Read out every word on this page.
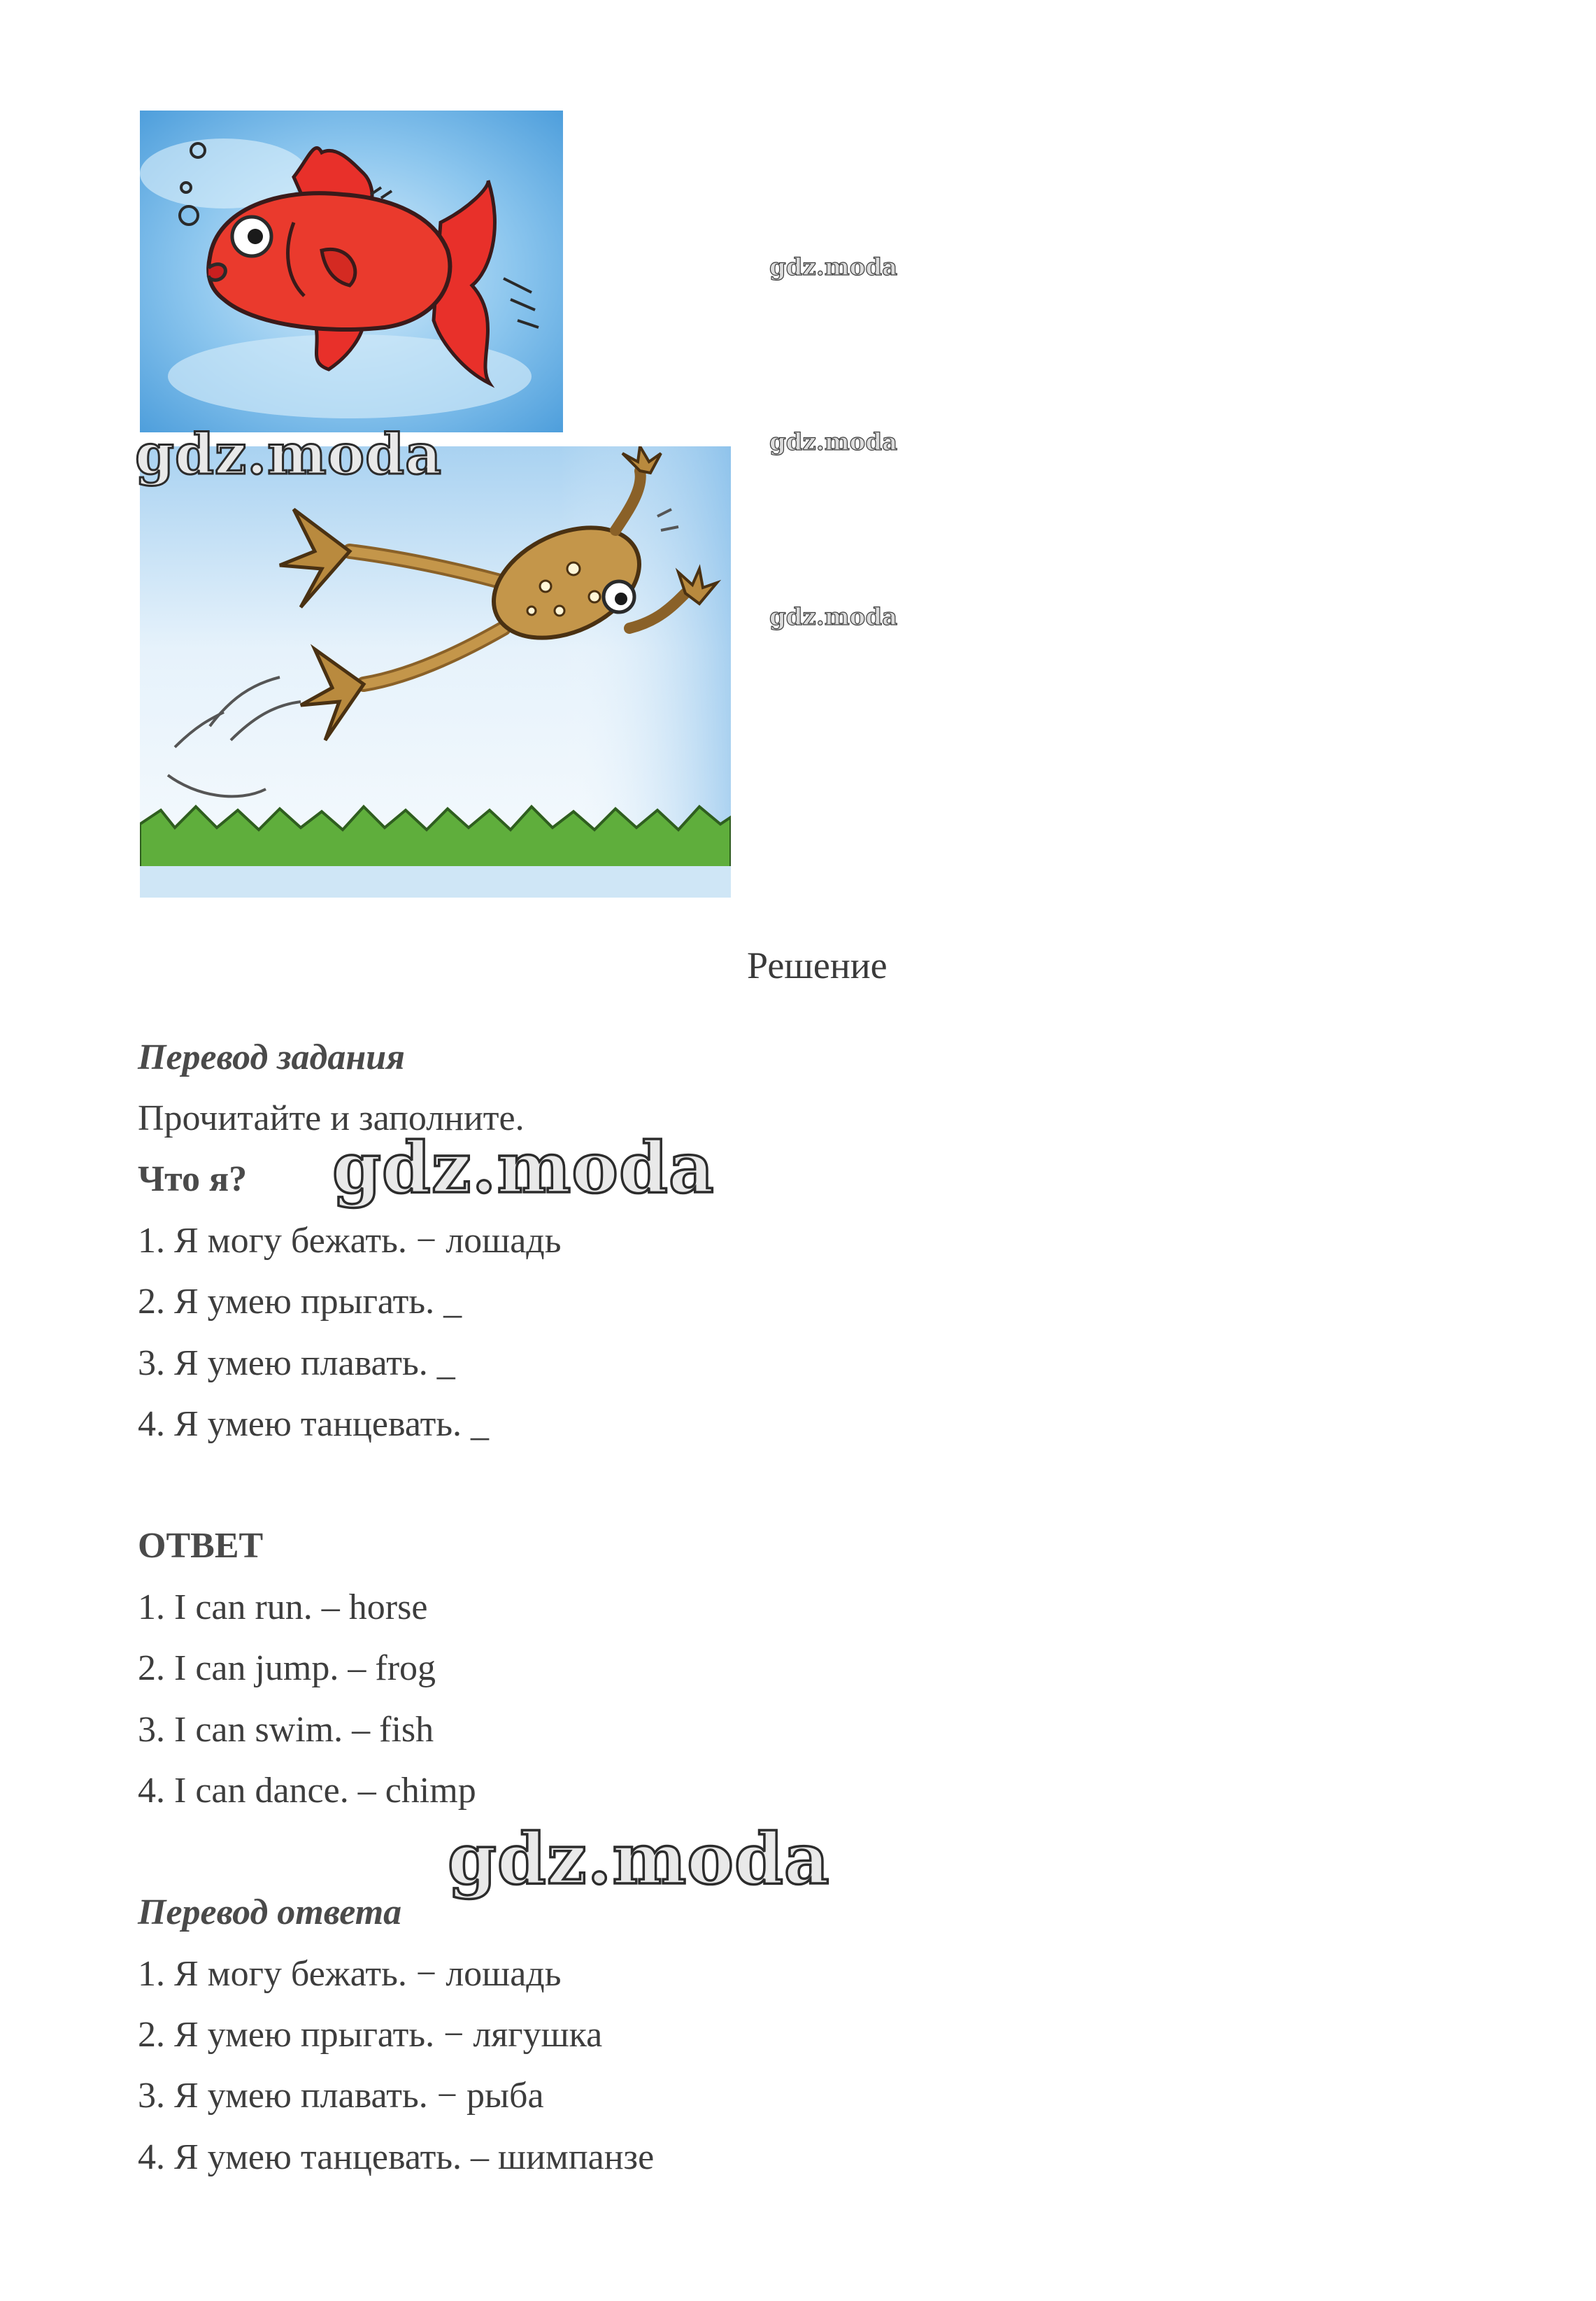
gdz.moda
gdz.moda
gdz.moda
gdz.moda
gdz.moda
gdz.moda
Решение
Перевод задания
Прочитайте и заполните.
Что я?
1. Я могу бежать. − лошадь
2. Я умею прыгать. _
3. Я умею плавать. _
4. Я умею танцевать. _
ОТВЕТ
1. I can run. – horse
2. I can jump. – frog
3. I can swim. – fish
4. I can dance. – chimp
Перевод ответа
1. Я могу бежать. − лошадь
2. Я умею прыгать. − лягушка
3. Я умею плавать. − рыба
4. Я умею танцевать. – шимпанзе
